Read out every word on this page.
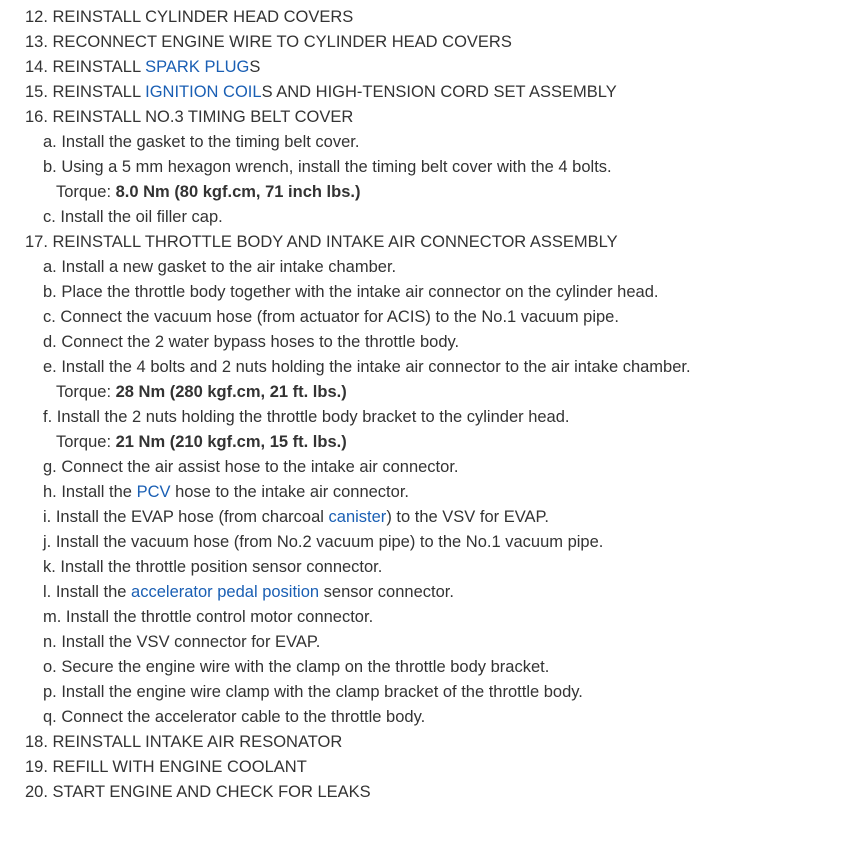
12. REINSTALL CYLINDER HEAD COVERS
13. RECONNECT ENGINE WIRE TO CYLINDER HEAD COVERS
14. REINSTALL SPARK PLUGS
15. REINSTALL IGNITION COILS AND HIGH-TENSION CORD SET ASSEMBLY
16. REINSTALL NO.3 TIMING BELT COVER
a. Install the gasket to the timing belt cover.
b. Using a 5 mm hexagon wrench, install the timing belt cover with the 4 bolts.
Torque: 8.0 Nm (80 kgf.cm, 71 inch lbs.)
c. Install the oil filler cap.
17. REINSTALL THROTTLE BODY AND INTAKE AIR CONNECTOR ASSEMBLY
a. Install a new gasket to the air intake chamber.
b. Place the throttle body together with the intake air connector on the cylinder head.
c. Connect the vacuum hose (from actuator for ACIS) to the No.1 vacuum pipe.
d. Connect the 2 water bypass hoses to the throttle body.
e. Install the 4 bolts and 2 nuts holding the intake air connector to the air intake chamber.
Torque: 28 Nm (280 kgf.cm, 21 ft. lbs.)
f. Install the 2 nuts holding the throttle body bracket to the cylinder head.
Torque: 21 Nm (210 kgf.cm, 15 ft. lbs.)
g. Connect the air assist hose to the intake air connector.
h. Install the PCV hose to the intake air connector.
i. Install the EVAP hose (from charcoal canister) to the VSV for EVAP.
j. Install the vacuum hose (from No.2 vacuum pipe) to the No.1 vacuum pipe.
k. Install the throttle position sensor connector.
l. Install the accelerator pedal position sensor connector.
m. Install the throttle control motor connector.
n. Install the VSV connector for EVAP.
o. Secure the engine wire with the clamp on the throttle body bracket.
p. Install the engine wire clamp with the clamp bracket of the throttle body.
q. Connect the accelerator cable to the throttle body.
18. REINSTALL INTAKE AIR RESONATOR
19. REFILL WITH ENGINE COOLANT
20. START ENGINE AND CHECK FOR LEAKS
